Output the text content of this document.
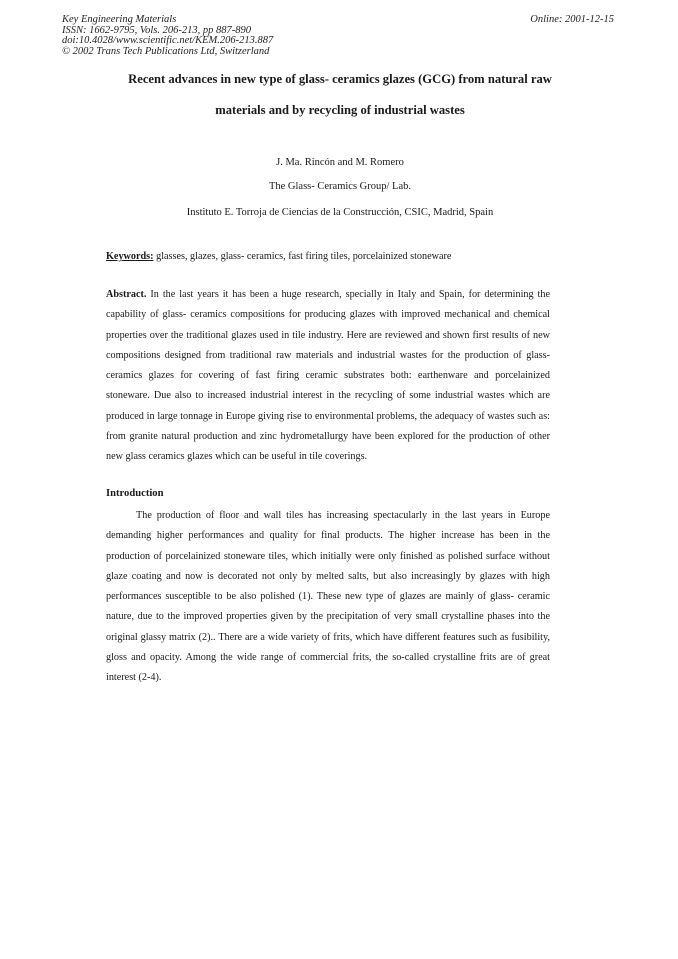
Key Engineering Materials
ISSN: 1662-9795, Vols. 206-213, pp 887-890
doi:10.4028/www.scientific.net/KEM.206-213.887
© 2002 Trans Tech Publications Ltd, Switzerland
Online: 2001-12-15
Recent advances in new type of glass- ceramics glazes (GCG) from natural raw
materials and by recycling of industrial wastes
J. Ma. Rincón and M. Romero
The Glass- Ceramics Group/ Lab.
Instituto E. Torroja de Ciencias de la Construcción, CSIC, Madrid, Spain
Keywords: glasses, glazes, glass- ceramics, fast firing tiles, porcelainized stoneware

Abstract. In the last years it has been a huge research, specially in Italy and Spain, for determining the capability of glass- ceramics compositions for producing glazes with improved mechanical and chemical properties over the traditional glazes used in tile industry. Here are reviewed and shown first results of new compositions designed from traditional raw materials and industrial wastes for the production of glass- ceramics glazes for covering of fast firing ceramic substrates both: earthenware and porcelainized stoneware. Due also to increased industrial interest in the recycling of some industrial wastes which are produced in large tonnage in Europe giving rise to environmental problems, the adequacy of wastes such as: from granite natural production and zinc hydrometallurgy have been explored for the production of other new glass ceramics glazes which can be useful in tile coverings.

Introduction

The production of floor and wall tiles has increasing spectacularly in the last years in Europe demanding higher performances and quality for final products. The higher increase has been in the production of porcelainized stoneware tiles, which initially were only finished as polished surface without glaze coating and now is decorated not only by melted salts, but also increasingly by glazes with high performances susceptible to be also polished (1). These new type of glazes are mainly of glass- ceramic nature, due to the improved properties given by the precipitation of very small crystalline phases into the original glassy matrix (2).. There are a wide variety of frits, which have different features such as fusibility, gloss and opacity. Among the wide range of commercial frits, the so-called crystalline frits are of great interest (2-4).
